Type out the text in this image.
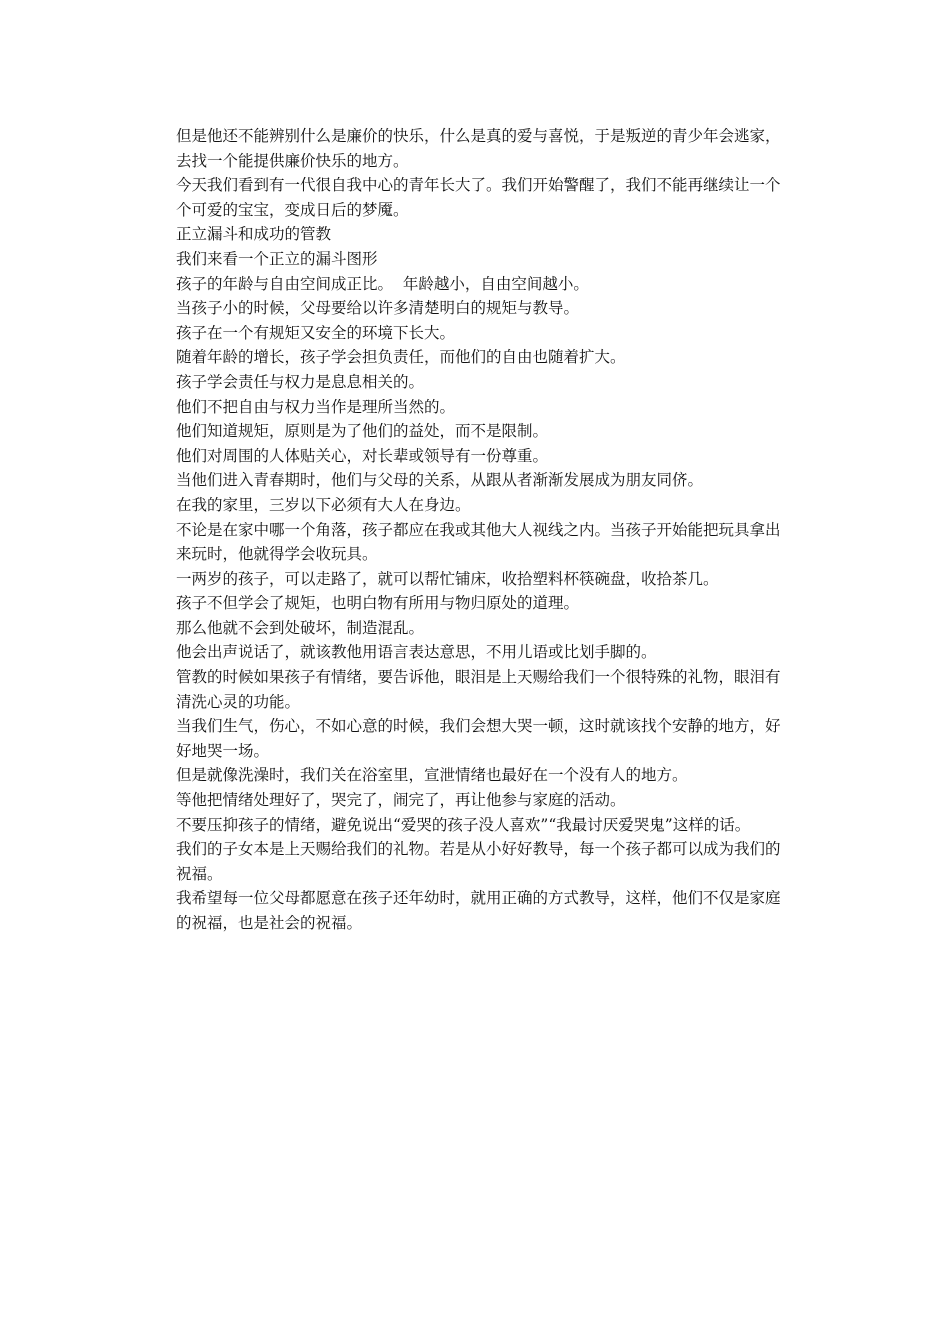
但是他还不能辨别什么是廉价的快乐，什么是真的爱与喜悦，于是叛逆的青少年会逃家，去找一个能提供廉价快乐的地方。

今天我们看到有一代很自我中心的青年长大了。我们开始警醒了，我们不能再继续让一个个可爱的宝宝，变成日后的梦魇。

正立漏斗和成功的管教

我们来看一个正立的漏斗图形

孩子的年龄与自由空间成正比。  年龄越小，自由空间越小。

当孩子小的时候，父母要给以许多清楚明白的规矩与教导。

孩子在一个有规矩又安全的环境下长大。

随着年龄的增长，孩子学会担负责任，而他们的自由也随着扩大。

孩子学会责任与权力是息息相关的。

他们不把自由与权力当作是理所当然的。

他们知道规矩，原则是为了他们的益处，而不是限制。

他们对周围的人体贴关心，对长辈或领导有一份尊重。

当他们进入青春期时，他们与父母的关系，从跟从者渐渐发展成为朋友同侪。

在我的家里，三岁以下必须有大人在身边。

不论是在家中哪一个角落，孩子都应在我或其他大人视线之内。当孩子开始能把玩具拿出来玩时，他就得学会收玩具。

一两岁的孩子，可以走路了，就可以帮忙铺床，收拾塑料杯筷碗盘，收拾茶几。

孩子不但学会了规矩，也明白物有所用与物归原处的道理。

那么他就不会到处破坏，制造混乱。

他会出声说话了，就该教他用语言表达意思，不用儿语或比划手脚的。

管教的时候如果孩子有情绪，要告诉他，眼泪是上天赐给我们一个很特殊的礼物，眼泪有清洗心灵的功能。

当我们生气，伤心，不如心意的时候，我们会想大哭一顿，这时就该找个安静的地方，好好地哭一场。

但是就像洗澡时，我们关在浴室里，宣泄情绪也最好在一个没有人的地方。

等他把情绪处理好了，哭完了，闹完了，再让他参与家庭的活动。

不要压抑孩子的情绪，避免说出“爱哭的孩子没人喜欢”“我最讨厌爱哭鬼”这样的话。

我们的子女本是上天赐给我们的礼物。若是从小好好教导，每一个孩子都可以成为我们的祝福。

我希望每一位父母都愿意在孩子还年幼时，就用正确的方式教导，这样，他们不仅是家庭的祝福，也是社会的祝福。
